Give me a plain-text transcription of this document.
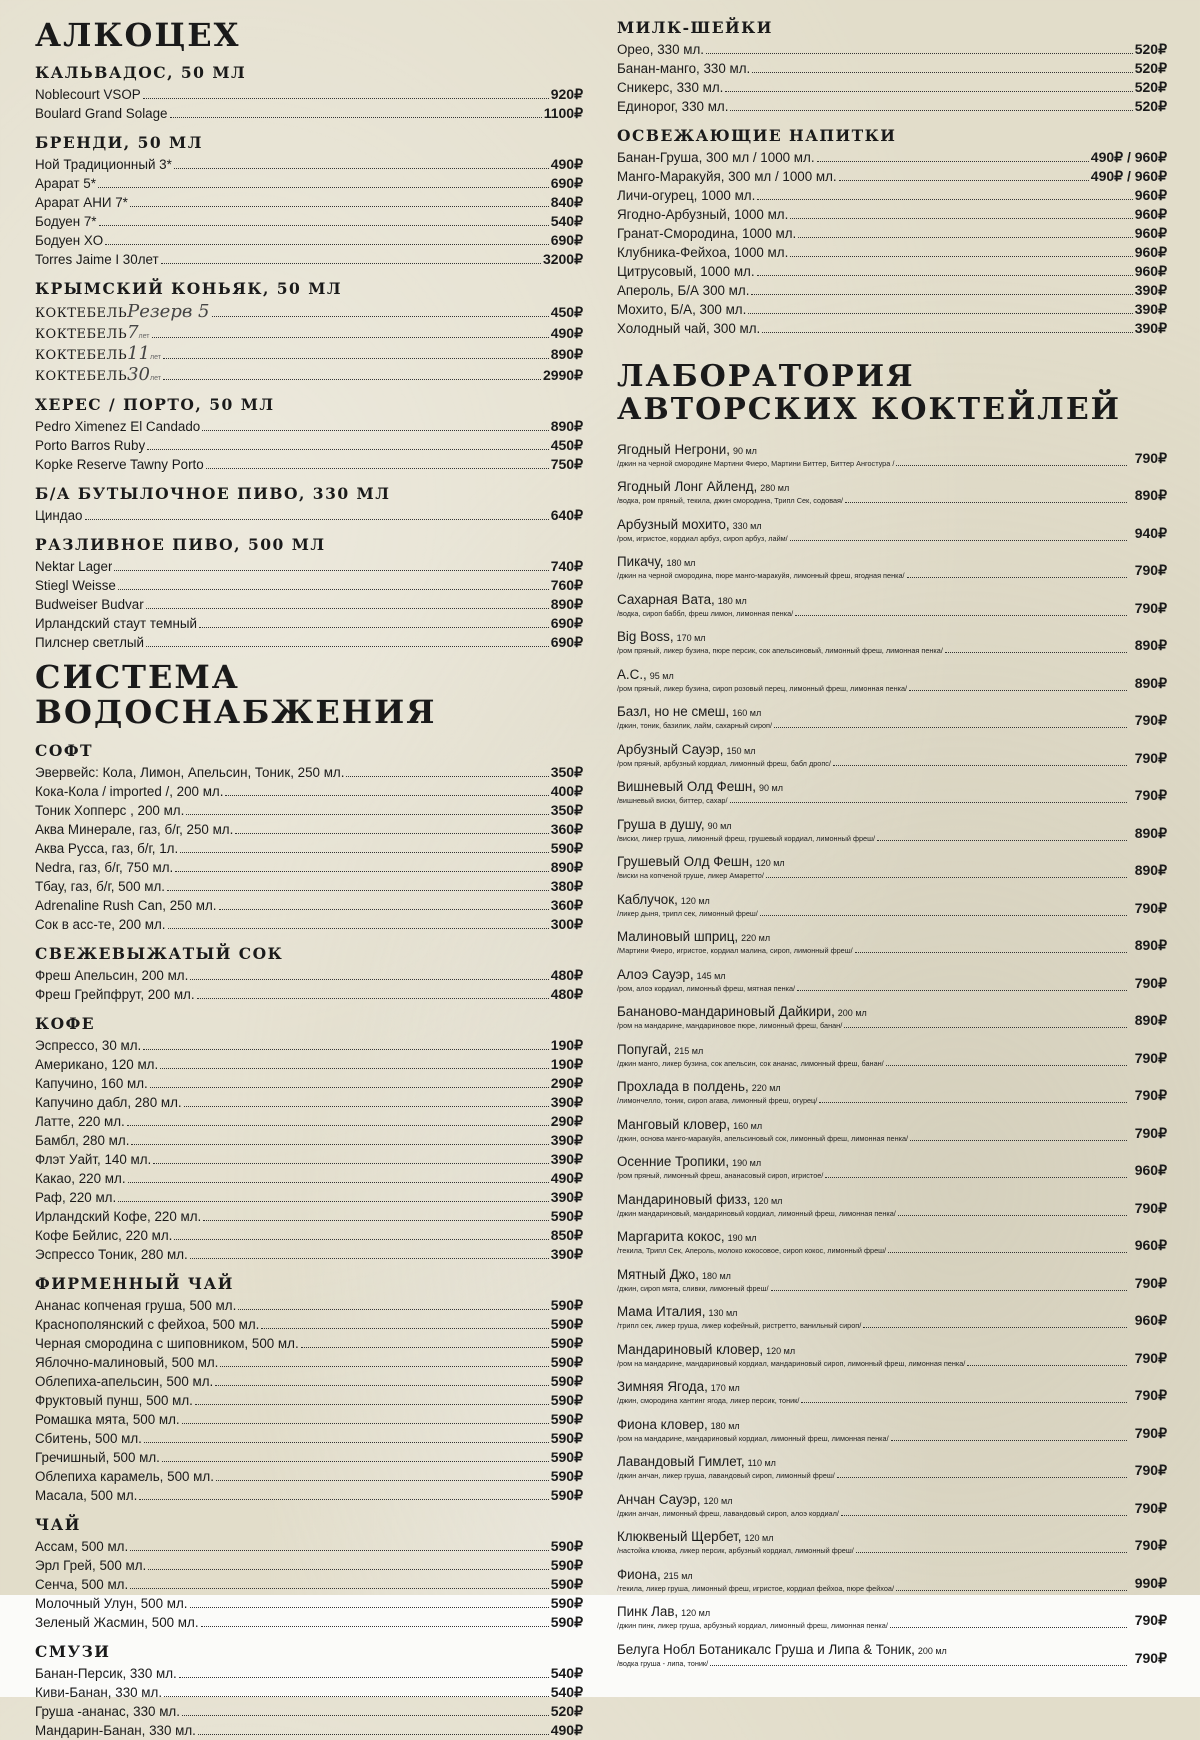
АЛКОЦЕХ
КАЛЬВАДОС, 50 МЛ
Noblecourt VSOP	920₽
Boulard Grand Solage	1100₽
БРЕНДИ, 50 МЛ
Ной Традиционный 3*	490₽
Арарат 5*	690₽
Арарат АНИ 7*	840₽
Бодуен 7*	540₽
Бодуен XO	690₽
Torres Jaime I 30лет	3200₽
КРЫМСКИЙ КОНЬЯК, 50 МЛ
КОКТЕБЕЛЬРезерв 5	450₽
КОКТЕБЕЛЬ7лет	490₽
КОКТЕБЕЛЬ11лет	890₽
КОКТЕБЕЛЬ30лет	2990₽
ХЕРЕС / ПОРТО, 50 МЛ
Pedro Ximenez El Candado	890₽
Porto Barros Ruby	450₽
Kopke Reserve Tawny Porto	750₽
Б/А БУТЫЛОЧНОЕ ПИВО, 330 МЛ
Циндао	640₽
РАЗЛИВНОЕ ПИВО, 500 МЛ
Nektar Lager	740₽
Stiegl Weisse	760₽
Budweiser Budvar	890₽
Ирландский стаут темный	690₽
Пилснер светлый	690₽
СИСТЕМА ВОДОСНАБЖЕНИЯ
СОФТ
Эвервейс: Кола, Лимон, Апельсин, Тоник, 250 мл.	350₽
Кока-Кола / imported /, 200 мл.	400₽
Тоник Хопперс , 200 мл.	350₽
Аква Минерале, газ, б/г, 250 мл.	360₽
Аква Русса, газ, б/г, 1л.	590₽
Nedra, газ, б/г, 750 мл.	890₽
Тбау, газ, б/г, 500 мл.	380₽
Adrenaline Rush Can, 250 мл.	360₽
Сок в асс-те, 200 мл.	300₽
СВЕЖЕВЫЖАТЫЙ СОК
Фреш Апельсин, 200 мл.	480₽
Фреш Грейпфрут, 200 мл.	480₽
КОФЕ
Эспрессо, 30 мл.	190₽
Американо, 120 мл.	190₽
Капучино, 160 мл.	290₽
Капучино дабл, 280 мл.	390₽
Латте, 220 мл.	290₽
Бамбл, 280 мл.	390₽
Флэт Уайт, 140 мл.	390₽
Какао, 220 мл.	490₽
Раф, 220 мл.	390₽
Ирландский Кофе, 220 мл.	590₽
Кофе Бейлис, 220 мл.	850₽
Эспрессо Тоник, 280 мл.	390₽
ФИРМЕННЫЙ ЧАЙ
Ананас копченая груша, 500 мл.	590₽
Краснополянский с фейхоа, 500 мл.	590₽
Черная смородина с шиповником, 500 мл.	590₽
Яблочно-малиновый, 500 мл.	590₽
Облепиха-апельсин, 500 мл.	590₽
Фруктовый пунш, 500 мл.	590₽
Ромашка мята, 500 мл.	590₽
Сбитень, 500 мл.	590₽
Гречишный, 500 мл.	590₽
Облепиха карамель, 500 мл.	590₽
Масала, 500 мл.	590₽
ЧАЙ
Ассам, 500 мл.	590₽
Эрл Грей, 500 мл.	590₽
Сенча, 500 мл.	590₽
Молочный Улун, 500 мл.	590₽
Зеленый Жасмин, 500 мл.	590₽
СМУЗИ
Банан-Персик, 330 мл.	540₽
Киви-Банан, 330 мл.	540₽
Груша -ананас, 330 мл.	520₽
Мандарин-Банан, 330 мл.	490₽
МИЛК-ШЕЙКИ
Орео, 330 мл.	520₽
Банан-манго, 330 мл.	520₽
Сникерс, 330 мл.	520₽
Единорог, 330 мл.	520₽
ОСВЕЖАЮЩИЕ НАПИТКИ
Банан-Груша, 300 мл / 1000 мл.	490₽ / 960₽
Манго-Маракуйя, 300 мл / 1000 мл.	490₽ / 960₽
Личи-огурец, 1000 мл.	960₽
Ягодно-Арбузный, 1000 мл.	960₽
Гранат-Смородина, 1000 мл.	960₽
Клубника-Фейхоа, 1000 мл.	960₽
Цитрусовый, 1000 мл.	960₽
Апероль, Б/А 300 мл.	390₽
Мохито, Б/А, 300 мл.	390₽
Холодный чай, 300 мл.	390₽
ЛАБОРАТОРИЯ
АВТОРСКИХ КОКТЕЙЛЕЙ
Ягодный Негрони, 90 мл
/джин на черной смородине Мартини Фиеро, Мартини Биттер, Биттер Ангостура /	790₽
Ягодный Лонг Айленд, 280 мл
/водка, ром пряный, текила, джин смородина, Трипл Сек, содовая/	890₽
Арбузный мохито, 330 мл
/ром, игристое, кордиал арбуз, сироп арбуз, лайм/	940₽
Пикачу, 180 мл
/джин на черной смородина, пюре манго-маракуйя, лимонный фреш, ягодная пенка/	790₽
Сахарная Вата, 180 мл
/водка, сироп баббл, фреш лимон, лимонная пенка/	790₽
Big Boss, 170 мл
/ром пряный, ликер бузина, пюре персик, сок апельсиновый, лимонный фреш, лимонная пенка/	890₽
А.С., 95 мл
/ром пряный, ликер бузина, сироп розовый перец, лимонный фреш, лимонная пенка/	890₽
Базл, но не смеш, 160 мл
/джин, тоник, базилик, лайм, сахарный сироп/	790₽
Арбузный Сауэр, 150 мл
/ром пряный, арбузный кордиал, лимонный фреш, бабл дропс/	790₽
Вишневый Олд Фешн, 90 мл
/вишневый виски, биттер, сахар/	790₽
Груша в душу, 90 мл
/виски, ликер груша, лимонный фреш, грушевый кордиал, лимонный фреш/	890₽
Грушевый Олд Фешн, 120 мл
/виски на копченой груше, ликер Амаретто/	890₽
Каблучок, 120 мл
/ликер дыня, трипл сек, лимонный фреш/	790₽
Малиновый шприц, 220 мл
/Мартини Фиеро, игристое, кордиал малина, сироп, лимонный фреш/	890₽
Алоэ Сауэр, 145 мл
/ром, алоэ кордиал, лимонный фреш, мятная пенка/	790₽
Бананово-мандариновый Дайкири, 200 мл
/ром на мандарине, мандариновое пюре, лимонный фреш, банан/	890₽
Попугай, 215 мл
/джин манго, ликер бузина, сок апельсин, сок ананас, лимонный фреш, банан/	790₽
Прохлада в полдень, 220 мл
/лимончелло, тоник, сироп агава, лимонный фреш, огурец/	790₽
Манговый кловер, 160 мл
/джин, основа манго-маракуйя, апельсиновый сок, лимонный фреш, лимонная пенка/	790₽
Осенние Тропики, 190 мл
/ром пряный, лимонный фреш, ананасовый сироп, игристое/	960₽
Мандариновый физз, 120 мл
/джин мандариновый, мандариновый кордиал, лимонный фреш, лимонная пенка/	790₽
Маргарита кокос, 190 мл
/текила, Трипл Сек, Апероль, молоко кокосовое, сироп кокос, лимонный фреш/	960₽
Мятный Джо, 180 мл
/джин, сироп мята, сливки, лимонный фреш/	790₽
Мама Италия, 130 мл
/трипл сек, ликер груша, ликер кофейный, ристретто, ванильный сироп/	960₽
Мандариновый кловер, 120 мл
/ром на мандарине, мандариновый кордиал, мандариновый сироп, лимонный фреш, лимонная пенка/	790₽
Зимняя Ягода, 170 мл
/джин, смородина хантинг ягода, ликер персик, тоник/	790₽
Фиона кловер, 180 мл
/ром на мандарине, мандариновый кордиал, лимонный фреш, лимонная пенка/	790₽
Лавандовый Гимлет, 110 мл
/джин анчан, ликер груша, лавандовый сироп, лимонный фреш/	790₽
Анчан Сауэр, 120 мл
/джин анчан, лимонный фреш, лавандовый сироп, алоэ кордиал/	790₽
Клюквеный Щербет, 120 мл
/настойка клюква, ликер персик, арбузный кордиал, лимонный фреш/	790₽
Фиона, 215 мл
/текила, ликер груша, лимонный фреш, игристое, кордиал фейхоа, пюре фейхоа/	990₽
Пинк Лав, 120 мл
/джин пинк, ликер груша, арбузный кордиал, лимонный фреш, лимонная пенка/	790₽
Белуга Нобл Ботаникалс Груша и Липа & Тоник, 200 мл
/водка груша - липа, тоник/	790₽
